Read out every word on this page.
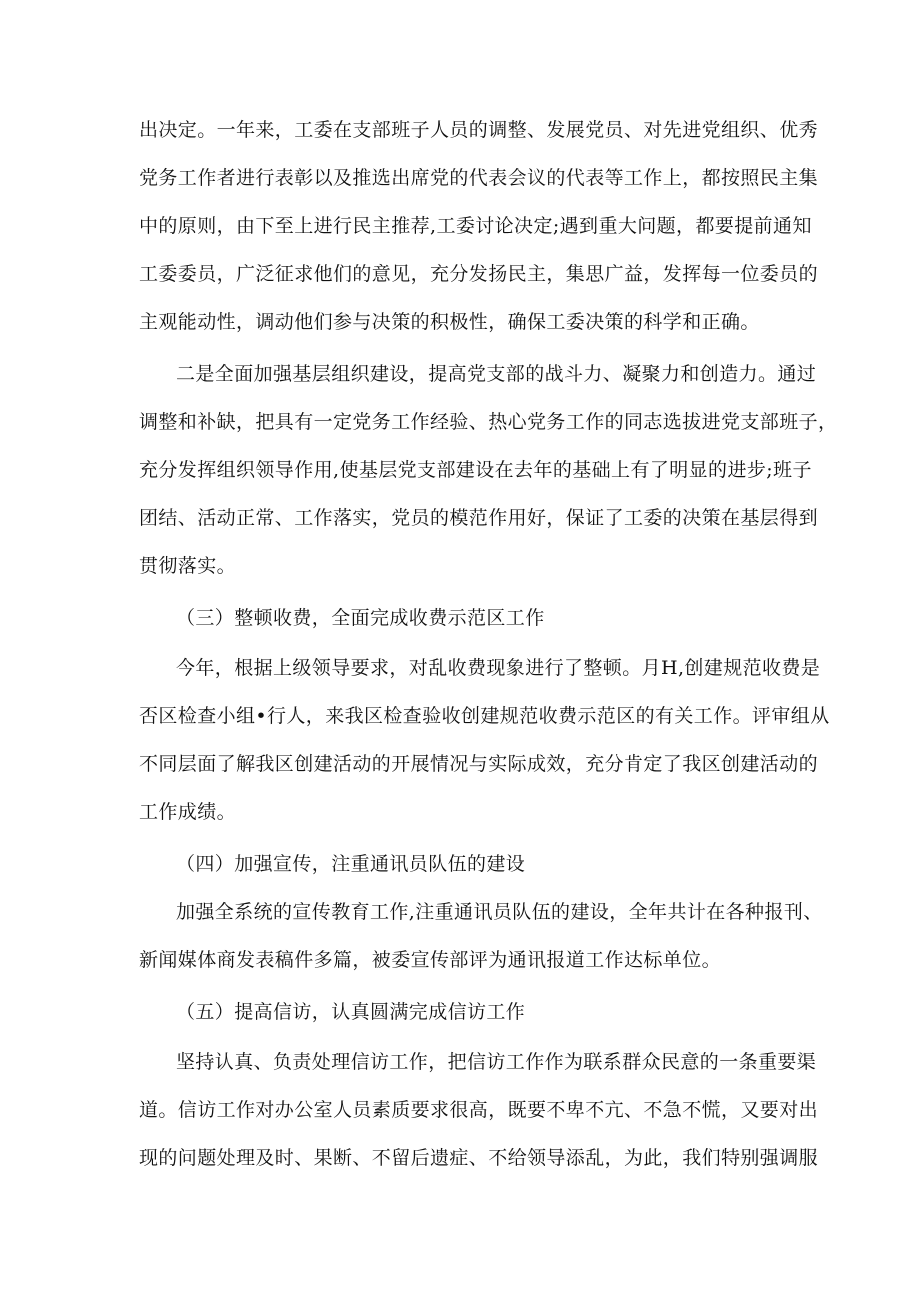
出决定。一年来，工委在支部班子人员的调整、发展党员、对先进党组织、优秀
党务工作者进行表彰以及推选出席党的代表会议的代表等工作上，都按照民主集
中的原则，由下至上进行民主推荐,工委讨论决定;遇到重大问题，都要提前通知
工委委员，广泛征求他们的意见，充分发扬民主，集思广益，发挥每一位委员的
主观能动性，调动他们参与决策的积极性，确保工委决策的科学和正确。
二是全面加强基层组织建设，提高党支部的战斗力、凝聚力和创造力。通过
调整和补缺，把具有一定党务工作经验、热心党务工作的同志选拔进党支部班子，
充分发挥组织领导作用,使基层党支部建设在去年的基础上有了明显的进步;班子
团结、活动正常、工作落实，党员的模范作用好，保证了工委的决策在基层得到
贯彻落实。
（三）整顿收费，全面完成收费示范区工作
今年，根据上级领导要求，对乱收费现象进行了整顿。月H,创建规范收费是
否区检查小组•行人，来我区检查验收创建规范收费示范区的有关工作。评审组从
不同层面了解我区创建活动的开展情况与实际成效，充分肯定了我区创建活动的
工作成绩。
（四）加强宣传，注重通讯员队伍的建设
加强全系统的宣传教育工作,注重通讯员队伍的建设，全年共计在各种报刊、
新闻媒体商发表稿件多篇，被委宣传部评为通讯报道工作达标单位。
（五）提高信访，认真圆满完成信访工作
坚持认真、负责处理信访工作，把信访工作作为联系群众民意的一条重要渠
道。信访工作对办公室人员素质要求很高，既要不卑不亢、不急不慌，又要对出
现的问题处理及时、果断、不留后遗症、不给领导添乱，为此，我们特别强调服
